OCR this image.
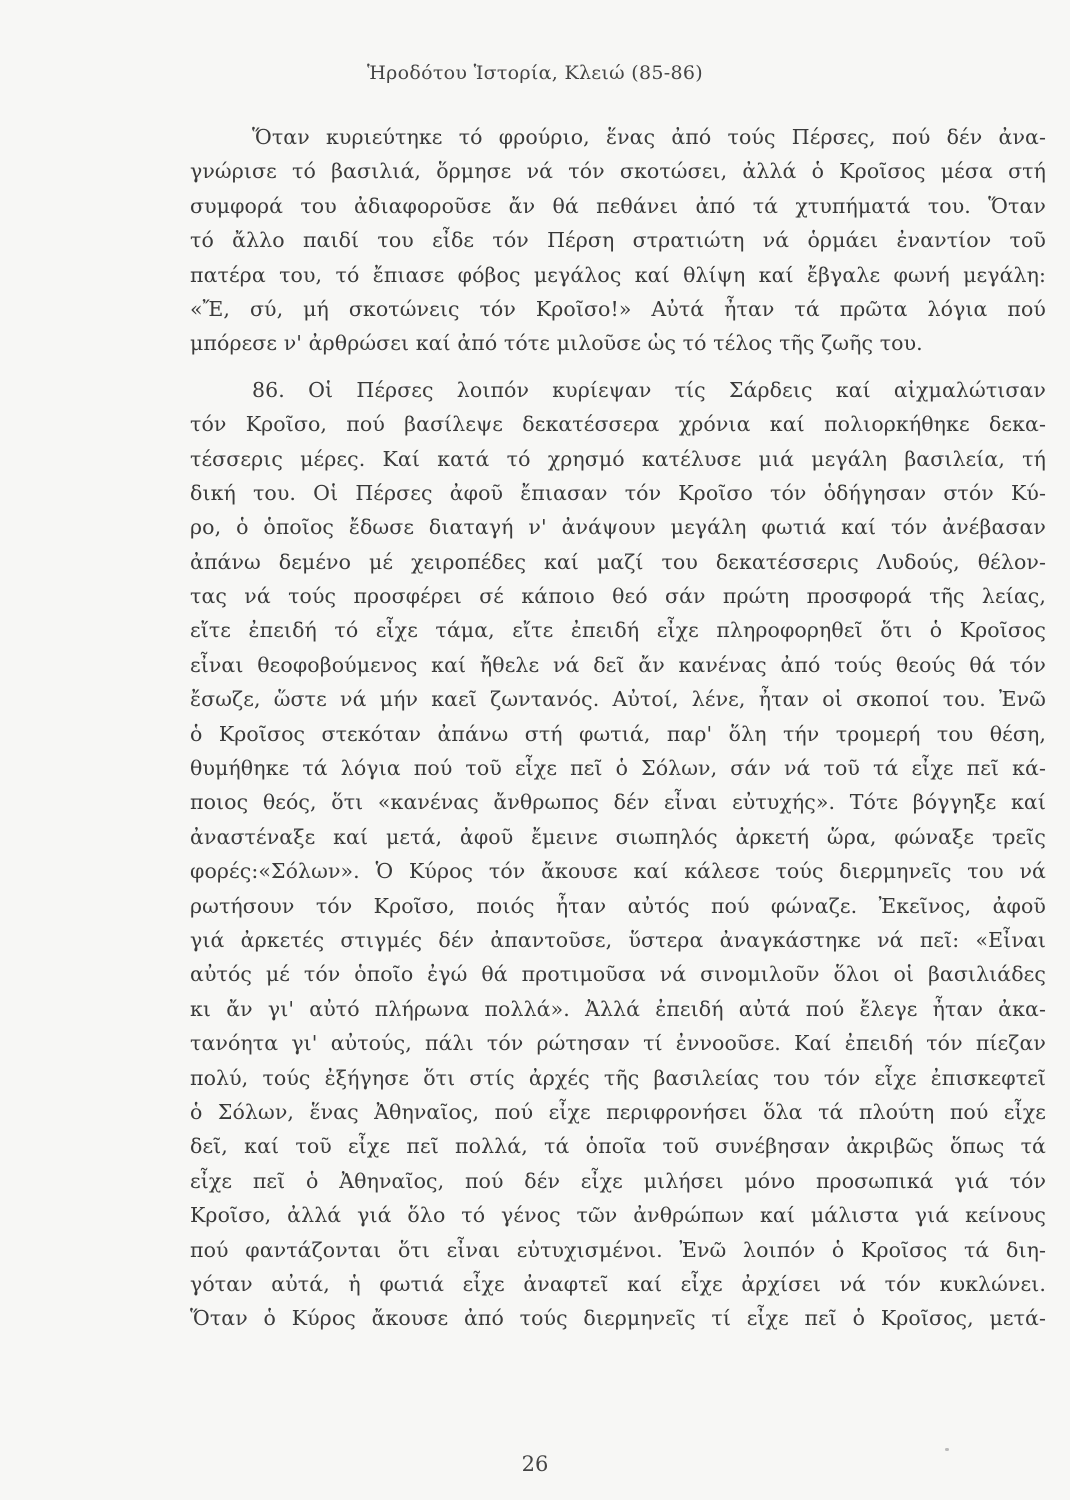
Ἡροδότου Ἱστορία, Κλειώ (85-86)
Ὅταν κυριεύτηκε τό φρούριο, ἕνας ἀπό τούς Πέρσες, πού δέν ἀνα-
γνώρισε τό βασιλιά, ὅρμησε νά τόν σκοτώσει, ἀλλά ὁ Κροῖσος μέσα στή
συμφορά του ἀδιαφοροῦσε ἄν θά πεθάνει ἀπό τά χτυπήματά του. Ὅταν
τό ἄλλο παιδί του εἶδε τόν Πέρση στρατιώτη νά ὁρμάει ἐναντίον τοῦ
πατέρα του, τό ἔπιασε φόβος μεγάλος καί θλίψη καί ἔβγαλε φωνή μεγάλη:
«Ἔ, σύ, μή σκοτώνεις τόν Κροῖσο!» Αὐτά ἦταν τά πρῶτα λόγια πού
μπόρεσε ν' ἀρθρώσει καί ἀπό τότε μιλοῦσε ὡς τό τέλος τῆς ζωῆς του.
86. Οἱ Πέρσες λοιπόν κυρίεψαν τίς Σάρδεις καί αἰχμαλώτισαν
τόν Κροῖσο, πού βασίλεψε δεκατέσσερα χρόνια καί πολιορκήθηκε δεκα-
τέσσερις μέρες. Καί κατά τό χρησμό κατέλυσε μιά μεγάλη βασιλεία, τή
δική του. Οἱ Πέρσες ἀφοῦ ἔπιασαν τόν Κροῖσο τόν ὁδήγησαν στόν Κύ-
ρο, ὁ ὁποῖος ἔδωσε διαταγή ν' ἀνάψουν μεγάλη φωτιά καί τόν ἀνέβασαν
ἀπάνω δεμένο μέ χειροπέδες καί μαζί του δεκατέσσερις Λυδούς, θέλον-
τας νά τούς προσφέρει σέ κάποιο θεό σάν πρώτη προσφορά τῆς λείας,
εἴτε ἐπειδή τό εἶχε τάμα, εἴτε ἐπειδή εἶχε πληροφορηθεῖ ὅτι ὁ Κροῖσος
εἶναι θεοφοβούμενος καί ἤθελε νά δεῖ ἄν κανένας ἀπό τούς θεούς θά τόν
ἔσωζε, ὥστε νά μήν καεῖ ζωντανός. Αὐτοί, λένε, ἦταν οἱ σκοποί του. Ἐνῶ
ὁ Κροῖσος στεκόταν ἀπάνω στή φωτιά, παρ' ὅλη τήν τρομερή του θέση,
θυμήθηκε τά λόγια πού τοῦ εἶχε πεῖ ὁ Σόλων, σάν νά τοῦ τά εἶχε πεῖ κά-
ποιος θεός, ὅτι «κανένας ἄνθρωπος δέν εἶναι εὐτυχής». Τότε βόγγηξε καί
ἀναστέναξε καί μετά, ἀφοῦ ἔμεινε σιωπηλός ἀρκετή ὥρα, φώναξε τρεῖς
φορές:«Σόλων». Ὁ Κύρος τόν ἄκουσε καί κάλεσε τούς διερμηνεῖς του νά
ρωτήσουν τόν Κροῖσο, ποιός ἦταν αὐτός πού φώναζε. Ἐκεῖνος, ἀφοῦ
γιά ἀρκετές στιγμές δέν ἀπαντοῦσε, ὕστερα ἀναγκάστηκε νά πεῖ: «Εἶναι
αὐτός μέ τόν ὁποῖο ἐγώ θά προτιμοῦσα νά σινομιλοῦν ὅλοι οἱ βασιλιάδες
κι ἄν γι' αὐτό πλήρωνα πολλά». Ἀλλά ἐπειδή αὐτά πού ἔλεγε ἦταν ἀκα-
τανόητα γι' αὐτούς, πάλι τόν ρώτησαν τί ἐννοοῦσε. Καί ἐπειδή τόν πίεζαν
πολύ, τούς ἐξήγησε ὅτι στίς ἀρχές τῆς βασιλείας του τόν εἶχε ἐπισκεφτεῖ
ὁ Σόλων, ἕνας Ἀθηναῖος, πού εἶχε περιφρονήσει ὅλα τά πλούτη πού εἶχε
δεῖ, καί τοῦ εἶχε πεῖ πολλά, τά ὁποῖα τοῦ συνέβησαν ἀκριβῶς ὅπως τά
εἶχε πεῖ ὁ Ἀθηναῖος, πού δέν εἶχε μιλήσει μόνο προσωπικά γιά τόν
Κροῖσο, ἀλλά γιά ὅλο τό γένος τῶν ἀνθρώπων καί μάλιστα γιά κείνους
πού φαντάζονται ὅτι εἶναι εὐτυχισμένοι. Ἐνῶ λοιπόν ὁ Κροῖσος τά διη-
γόταν αὐτά, ἡ φωτιά εἶχε ἀναφτεῖ καί εἶχε ἀρχίσει νά τόν κυκλώνει.
Ὅταν ὁ Κύρος ἄκουσε ἀπό τούς διερμηνεῖς τί εἶχε πεῖ ὁ Κροῖσος, μετά-
26
